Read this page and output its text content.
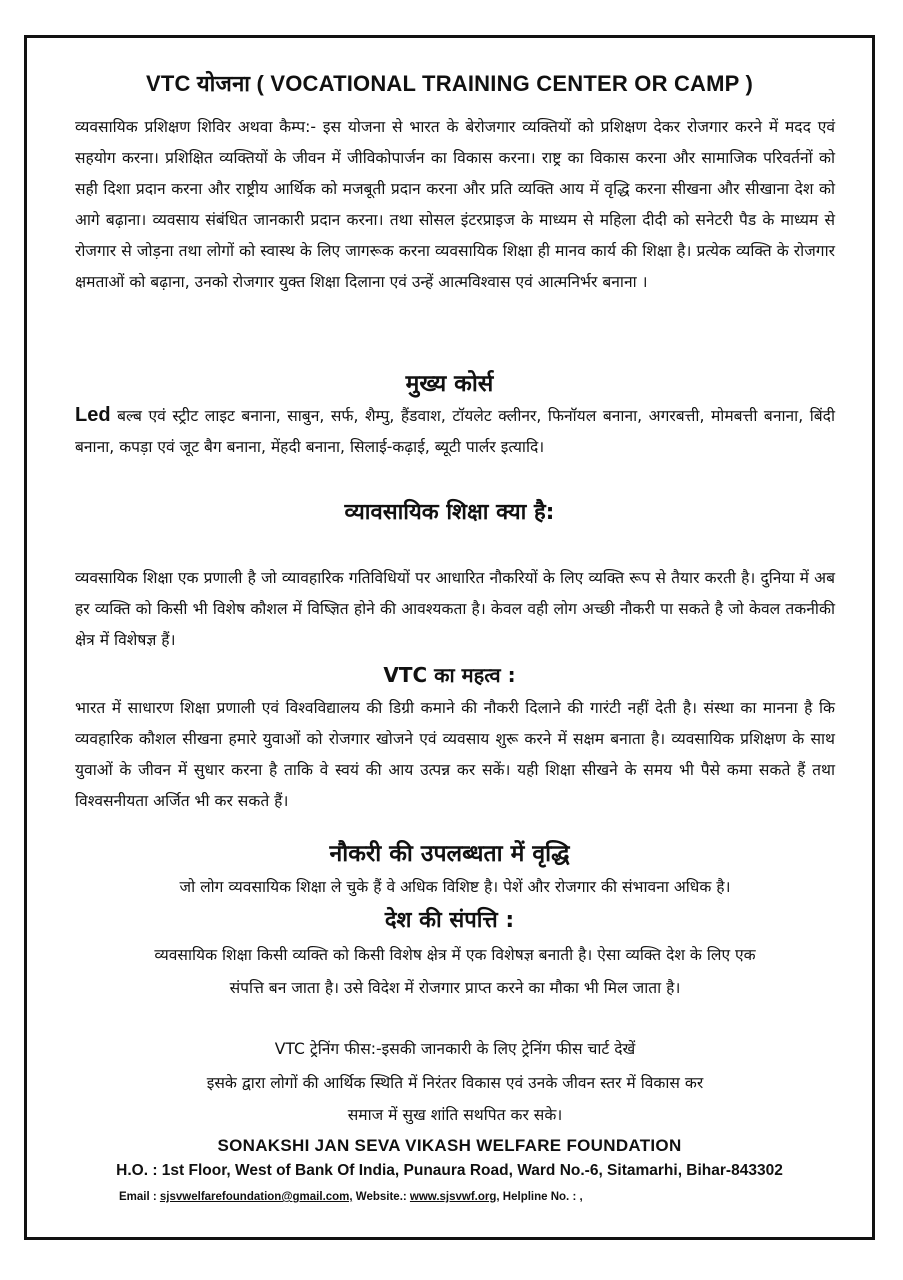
VTC योजना ( VOCATIONAL TRAINING CENTER OR CAMP )
व्यवसायिक प्रशिक्षण शिविर अथवा कैम्प:- इस योजना से भारत के बेरोजगार व्यक्तियों को प्रशिक्षण देकर रोजगार करने में मदद एवं सहयोग करना। प्रशिक्षित व्यक्तियों के जीवन में जीविकोपार्जन का विकास करना। राष्ट्र का विकास करना और सामाजिक परिवर्तनों को सही दिशा प्रदान करना और राष्ट्रीय आर्थिक को मजबूती प्रदान करना और प्रति व्यक्ति आय में वृद्धि करना सीखना और सीखाना देश को आगे बढ़ाना। व्यवसाय संबंधित जानकारी प्रदान करना। तथा सोसल इंटरप्राइज के माध्यम से महिला दीदी को सनेटरी पैड के माध्यम से रोजगार से जोड़ना तथा लोगों को स्वास्थ के लिए जागरूक करना व्यवसायिक शिक्षा ही मानव कार्य की शिक्षा है। प्रत्येक व्यक्ति के रोजगार क्षमताओं को बढ़ाना, उनको रोजगार युक्त शिक्षा दिलाना एवं उन्हें आत्मविश्वास एवं आत्मनिर्भर बनाना ।
मुख्य कोर्स
Led बल्ब एवं स्ट्रीट लाइट बनाना, साबुन, सर्फ, शैम्पु, हैंडवाश, टॉयलेट क्लीनर, फिनॉयल बनाना, अगरबत्ती, मोमबत्ती बनाना, बिंदी बनाना, कपड़ा एवं जूट बैग बनाना, मेंहदी बनाना, सिलाई-कढ़ाई, ब्यूटी पार्लर इत्यादि।
व्यावसायिक शिक्षा क्या है:
व्यवसायिक शिक्षा एक प्रणाली है जो व्यावहारिक गतिविधियों पर आधारित नौकरियों के लिए व्यक्ति रूप से तैयार करती है। दुनिया में अब हर व्यक्ति को किसी भी विशेष कौशल में विष्ज्ञित होने की आवश्यकता है। केवल वही लोग अच्छी नौकरी पा सकते है जो केवल तकनीकी क्षेत्र में विशेषज्ञ हैं।
VTC का महत्व :
भारत में साधारण शिक्षा प्रणाली एवं विश्वविद्यालय की डिग्री कमाने की नौकरी दिलाने की गारंटी नहीं देती है। संस्था का मानना है कि व्यवहारिक कौशल सीखना हमारे युवाओं को रोजगार खोजने एवं व्यवसाय शुरू करने में सक्षम बनाता है। व्यवसायिक प्रशिक्षण के साथ युवाओं के जीवन में सुधार करना है ताकि वे स्वयं की आय उत्पन्न कर सकें। यही शिक्षा सीखने के समय भी पैसे कमा सकते हैं तथा विश्वसनीयता अर्जित भी कर सकते हैं।
नौकरी की उपलब्धता में वृद्धि
जो लोग व्यवसायिक शिक्षा ले चुके हैं वे अधिक विशिष्ट है। पेशें और रोजगार की संभावना अधिक है।
देश की संपत्ति :
व्यवसायिक शिक्षा किसी व्यक्ति को किसी विशेष क्षेत्र में एक विशेषज्ञ बनाती है। ऐसा व्यक्ति देश के लिए एक
संपत्ति बन जाता है। उसे विदेश में रोजगार प्राप्त करने का मौका भी मिल जाता है।
VTC ट्रेनिंग फीस:-इसकी जानकारी के लिए ट्रेनिंग फीस चार्ट देखें
इसके द्वारा लोगों की आर्थिक स्थिति में निरंतर विकास एवं उनके जीवन स्तर में विकास कर
समाज में सुख शांति सथपित कर सके।
SONAKSHI JAN SEVA VIKASH WELFARE FOUNDATION
H.O. : 1st Floor, West of Bank Of India, Punaura Road, Ward No.-6, Sitamarhi, Bihar-843302
Email : sjsvwelfarefoundation@gmail.com, Website.: www.sjsvwf.org, Helpline No. : ,
